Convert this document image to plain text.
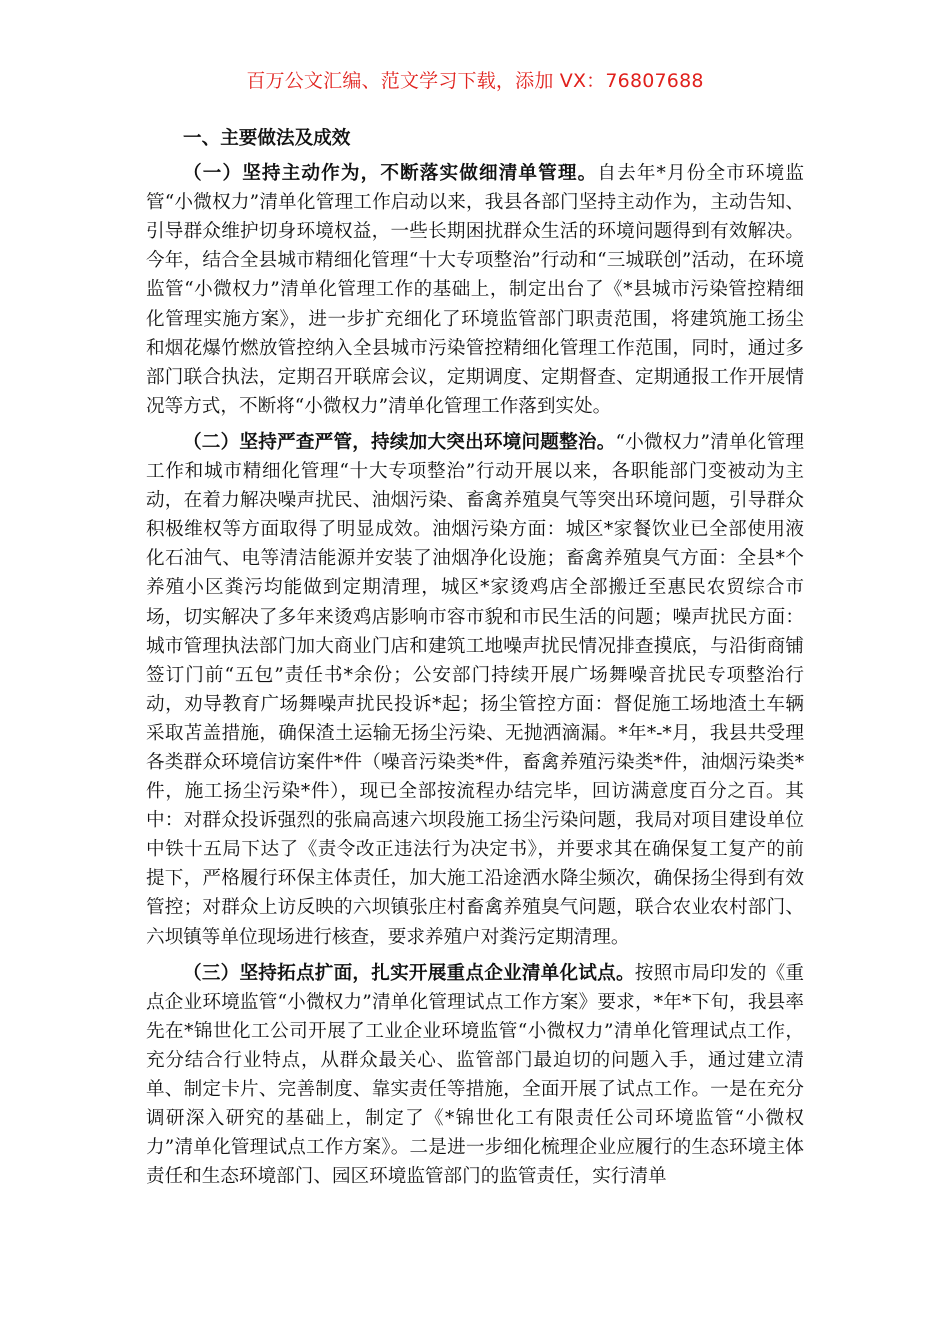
百万公文汇编、范文学习下载，添加 VX：76807688
一、主要做法及成效

（一）坚持主动作为，不断落实做细清单管理。自去年*月份全市环境监管“小微权力”清单化管理工作启动以来，我县各部门坚持主动作为，主动告知、引导群众维护切身环境权益，一些长期困扰群众生活的环境问题得到有效解决。今年，结合全县城市精细化管理“十大专项整治”行动和“三城联创”活动，在环境监管“小微权力”清单化管理工作的基础上，制定出台了《*县城市污染管控精细化管理实施方案》，进一步扩充细化了环境监管部门职责范围，将建筑施工扬尘和烟花爆竹燃放管控纳入全县城市污染管控精细化管理工作范围，同时，通过多部门联合执法，定期召开联席会议，定期调度、定期督查、定期通报工作开展情况等方式，不断将“小微权力”清单化管理工作落到实处。

（二）坚持严查严管，持续加大突出环境问题整治。“小微权力”清单化管理工作和城市精细化管理“十大专项整治”行动开展以来，各职能部门变被动为主动，在着力解决噪声扰民、油烟污染、畜禽养殖臭气等突出环境问题，引导群众积极维权等方面取得了明显成效。油烟污染方面：城区*家餐饮业已全部使用液化石油气、电等清洁能源并安装了油烟净化设施；畜禽养殖臭气方面：全县*个养殖小区粪污均能做到定期清理，城区*家烫鸡店全部搬迁至惠民农贸综合市场，切实解决了多年来烫鸡店影响市容市貌和市民生活的问题；噪声扰民方面：城市管理执法部门加大商业门店和建筑工地噪声扰民情况排查摸底，与沿街商铺签订门前“五包”责任书*余份；公安部门持续开展广场舞噪音扰民专项整治行动，劝导教育广场舞噪声扰民投诉*起；扬尘管控方面：督促施工场地渣土车辆采取苫盖措施，确保渣土运输无扬尘污染、无抛洒滴漏。*年*-*月，我县共受理各类群众环境信访案件*件（噪音污染类*件，畜禽养殖污染类*件，油烟污染类*件，施工扬尘污染*件），现已全部按流程办结完毕，回访满意度百分之百。其中：对群众投诉强烈的张扁高速六坝段施工扬尘污染问题，我局对项目建设单位中铁十五局下达了《责令改正违法行为决定书》，并要求其在确保复工复产的前提下，严格履行环保主体责任，加大施工沿途洒水降尘频次，确保扬尘得到有效管控；对群众上访反映的六坝镇张庄村畜禽养殖臭气问题，联合农业农村部门、六坝镇等单位现场进行核查，要求养殖户对粪污定期清理。

（三）坚持拓点扩面，扎实开展重点企业清单化试点。按照市局印发的《重点企业环境监管“小微权力”清单化管理试点工作方案》要求，*年*下旬，我县率先在*锦世化工公司开展了工业企业环境监管“小微权力”清单化管理试点工作，充分结合行业特点，从群众最关心、监管部门最迫切的问题入手，通过建立清单、制定卡片、完善制度、靠实责任等措施，全面开展了试点工作。一是在充分调研深入研究的基础上，制定了《*锦世化工有限责任公司环境监管“小微权力”清单化管理试点工作方案》。二是进一步细化梳理企业应履行的生态环境主体责任和生态环境部门、园区环境监管部门的监管责任，实行清单
